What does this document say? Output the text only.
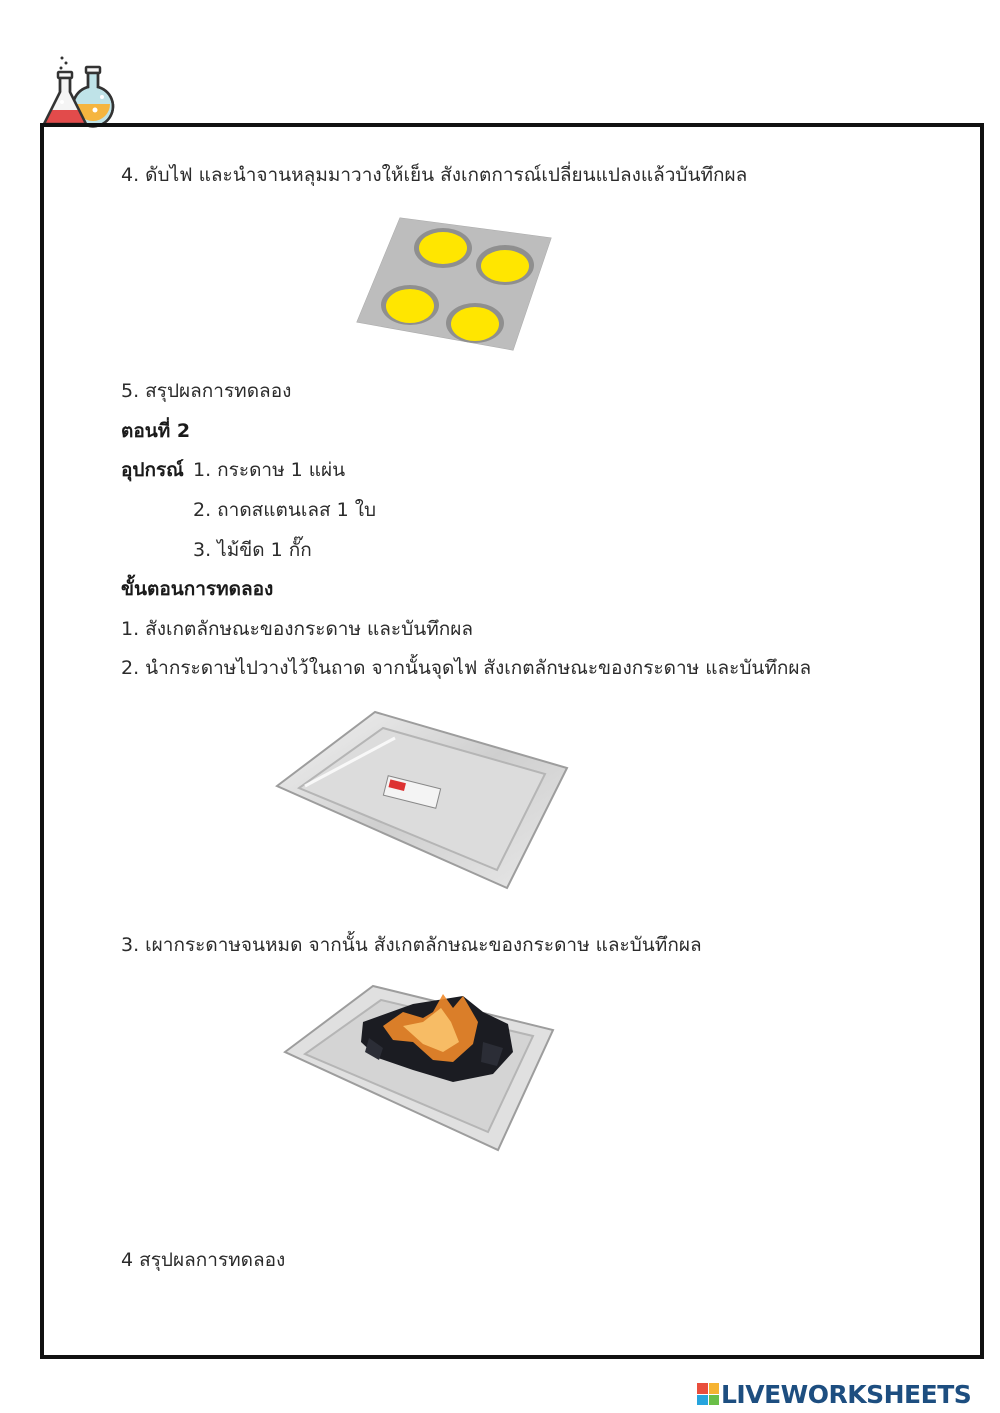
4. ดับไฟ และนำจานหลุมมาวางให้เย็น สังเกตการณ์เปลี่ยนแปลงแล้วบันทึกผล
5. สรุปผลการทดลอง
ตอนที่ 2
อุปกรณ์ 1. กระดาษ 1 แผ่น
2. ถาดสแตนเลส 1 ใบ
3. ไม้ขีด 1 กั๊ก
ขั้นตอนการทดลอง
1. สังเกตลักษณะของกระดาษ และบันทึกผล
2. นำกระดาษไปวางไว้ในถาด จากนั้นจุดไฟ สังเกตลักษณะของกระดาษ และบันทึกผล
3. เผากระดาษจนหมด จากนั้น สังเกตลักษณะของกระดาษ และบันทึกผล
4 สรุปผลการทดลอง
LIVEWORKSHEETS
